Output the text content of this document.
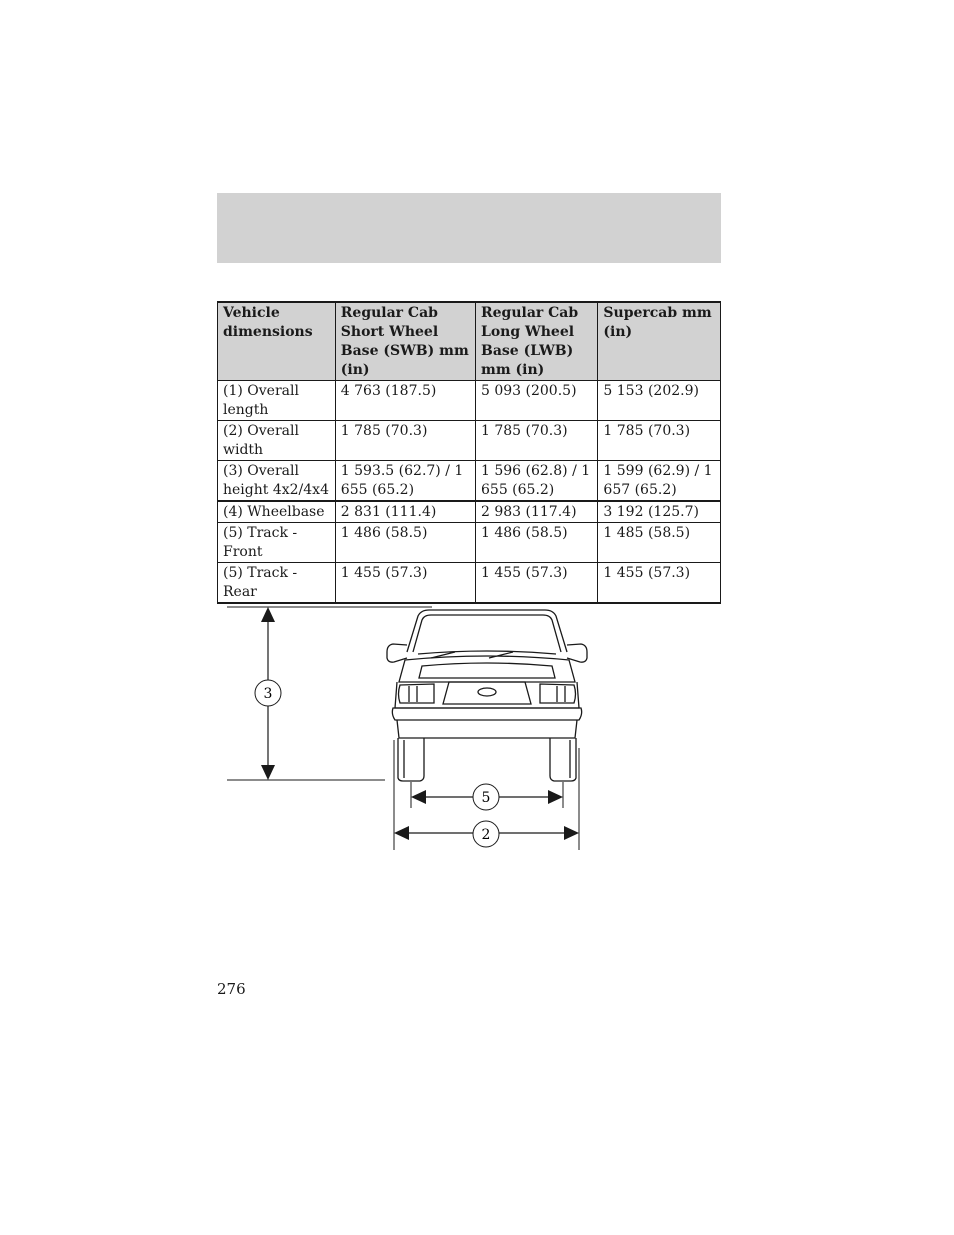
Vehicle dimensions	Regular Cab Short Wheel Base (SWB) mm (in)	Regular Cab Long Wheel Base (LWB) mm (in)	Supercab mm (in)
(1) Overall length	4 763 (187.5)	5 093 (200.5)	5 153 (202.9)
(2) Overall width	1 785 (70.3)	1 785 (70.3)	1 785 (70.3)
(3) Overall height 4x2/4x4	1 593.5 (62.7) / 1 655 (65.2)	1 596 (62.8) / 1 655 (65.2)	1 599 (62.9) / 1 657 (65.2)
(4) Wheelbase	2 831 (111.4)	2 983 (117.4)	3 192 (125.7)
(5) Track - Front	1 486 (58.5)	1 486 (58.5)	1 485 (58.5)
(5) Track - Rear	1 455 (57.3)	1 455 (57.3)	1 455 (57.3)
3
5
2
276
